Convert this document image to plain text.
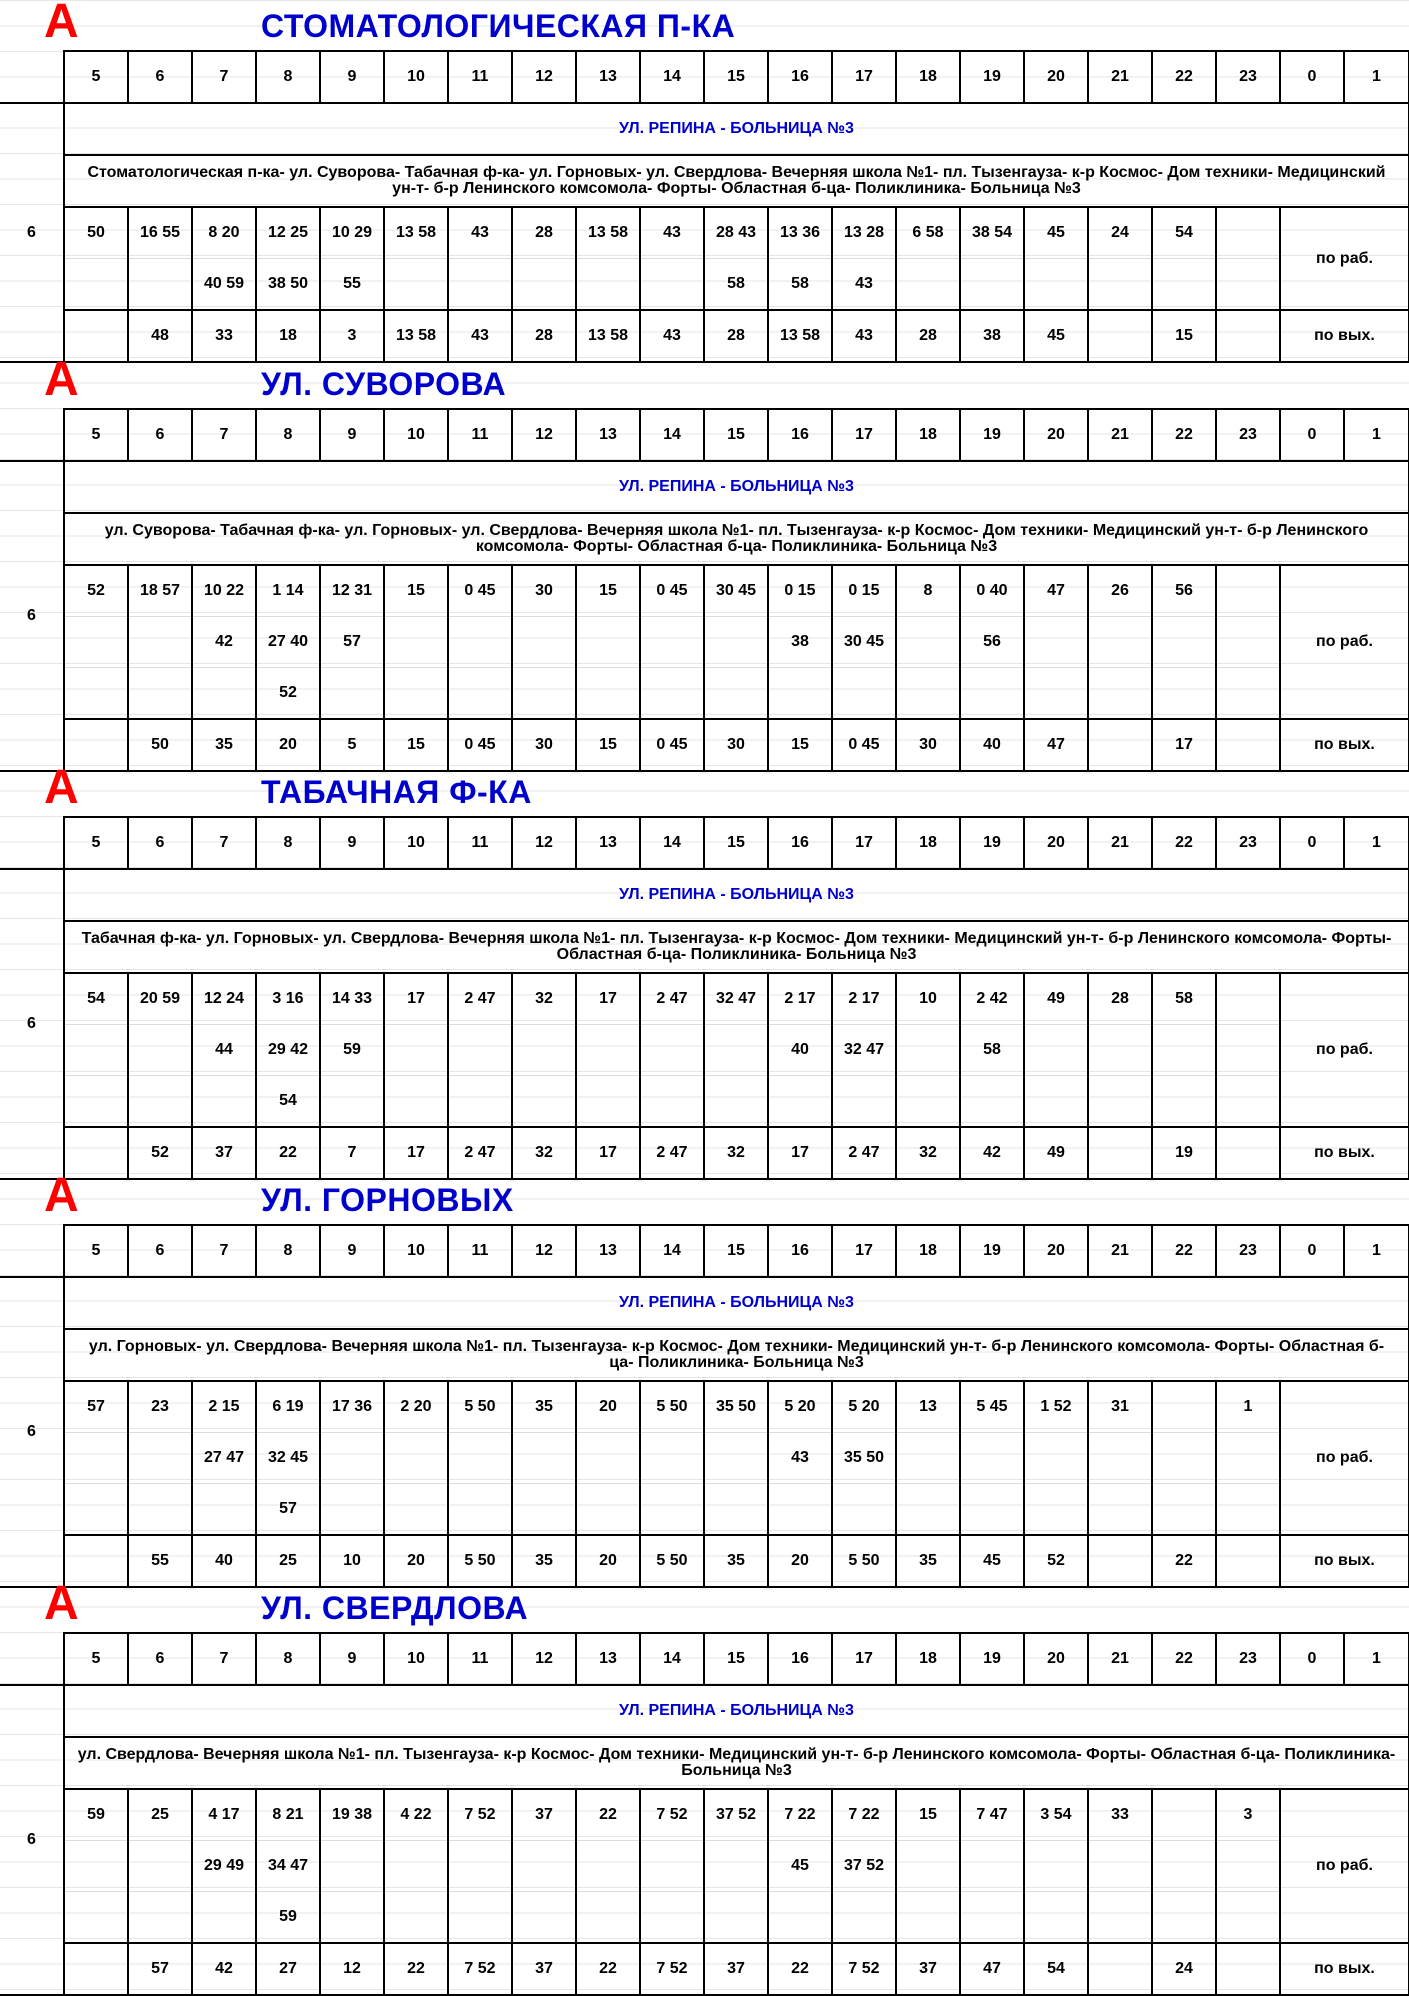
А	СТОМАТОЛОГИЧЕСКАЯ П-КА
	5	6	7	8	9	10	11	12	13	14	15	16	17	18	19	20	21	22	23	0	1
6	УЛ. РЕПИНА - БОЛЬНИЦА №3																				
	Стоматологическая п-ка- ул. Суворова- Табачная ф-ка- ул. Горновых- ул. Свердлова- Вечерняя школа №1- пл. Тызенгауза- к-р Космос- Дом техники- Медицинский ун-т- б-р Ленинского комсомола- Форты- Областная б-ца- Поликлиника- Больница №3																				
	50	16 55	8 20	12 25	10 29	13 58	43	28	13 58	43	28 43	13 36	13 28	6 58	38 54	45	24	54		по раб.	
			40 59	38 50	55						58	58	43								
		48	33	18	3	13 58	43	28	13 58	43	28	13 58	43	28	38	45		15		по вых.	
А	УЛ. СУВОРОВА
	5	6	7	8	9	10	11	12	13	14	15	16	17	18	19	20	21	22	23	0	1
6	УЛ. РЕПИНА - БОЛЬНИЦА №3																				
	ул. Суворова- Табачная ф-ка- ул. Горновых- ул. Свердлова- Вечерняя школа №1- пл. Тызенгауза- к-р Космос- Дом техники- Медицинский ун-т- б-р Ленинского комсомола- Форты- Областная б-ца- Поликлиника- Больница №3																				
	52	18 57	10 22	1 14	12 31	15	0 45	30	15	0 45	30 45	0 15	0 15	8	0 40	47	26	56		по раб.	
			42	27 40	57							38	30 45		56						
				52																	
		50	35	20	5	15	0 45	30	15	0 45	30	15	0 45	30	40	47		17		по вых.	
А	ТАБАЧНАЯ Ф-КА
	5	6	7	8	9	10	11	12	13	14	15	16	17	18	19	20	21	22	23	0	1
6	УЛ. РЕПИНА - БОЛЬНИЦА №3																				
	Табачная ф-ка- ул. Горновых- ул. Свердлова- Вечерняя школа №1- пл. Тызенгауза- к-р Космос- Дом техники- Медицинский ун-т- б-р Ленинского комсомола- Форты- Областная б-ца- Поликлиника- Больница №3																				
	54	20 59	12 24	3 16	14 33	17	2 47	32	17	2 47	32 47	2 17	2 17	10	2 42	49	28	58		по раб.	
			44	29 42	59							40	32 47		58						
				54																	
		52	37	22	7	17	2 47	32	17	2 47	32	17	2 47	32	42	49		19		по вых.	
А	УЛ. ГОРНОВЫХ
	5	6	7	8	9	10	11	12	13	14	15	16	17	18	19	20	21	22	23	0	1
6	УЛ. РЕПИНА - БОЛЬНИЦА №3																				
	ул. Горновых- ул. Свердлова- Вечерняя школа №1- пл. Тызенгауза- к-р Космос- Дом техники- Медицинский ун-т- б-р Ленинского комсомола- Форты- Областная б-ца- Поликлиника- Больница №3																				
	57	23	2 15	6 19	17 36	2 20	5 50	35	20	5 50	35 50	5 20	5 20	13	5 45	1 52	31		1	по раб.	
			27 47	32 45								43	35 50								
				57																	
		55	40	25	10	20	5 50	35	20	5 50	35	20	5 50	35	45	52		22		по вых.	
А	УЛ. СВЕРДЛОВА
	5	6	7	8	9	10	11	12	13	14	15	16	17	18	19	20	21	22	23	0	1
6	УЛ. РЕПИНА - БОЛЬНИЦА №3																				
	ул. Свердлова- Вечерняя школа №1- пл. Тызенгауза- к-р Космос- Дом техники- Медицинский ун-т- б-р Ленинского комсомола- Форты- Областная б-ца- Поликлиника- Больница №3																				
	59	25	4 17	8 21	19 38	4 22	7 52	37	22	7 52	37 52	7 22	7 22	15	7 47	3 54	33		3	по раб.	
			29 49	34 47								45	37 52								
				59																	
		57	42	27	12	22	7 52	37	22	7 52	37	22	7 52	37	47	54		24		по вых.	
